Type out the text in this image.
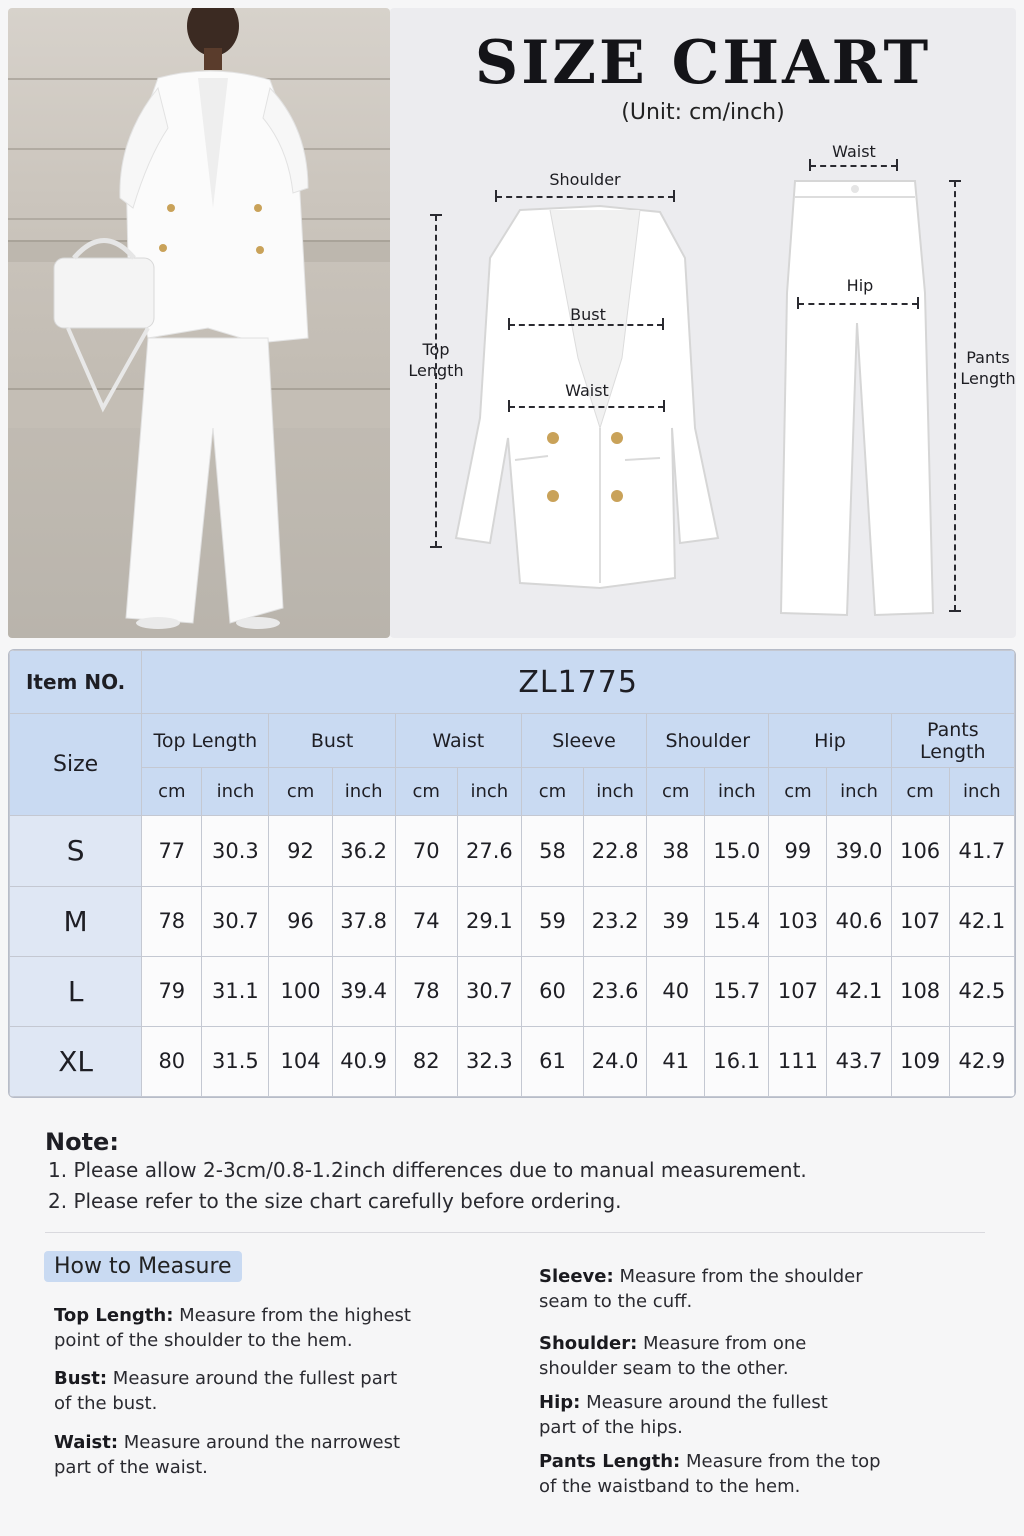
SIZE CHART
(Unit: cm/inch)
Shoulder
Bust
Waist
Top
Length
Waist
Hip
Pants
Length
Item NO.	ZL1775													
Size	Top Length		Bust		Waist		Sleeve		Shoulder		Hip		Pants Length	
	cm	inch	cm	inch	cm	inch	cm	inch	cm	inch	cm	inch	cm	inch
S	77	30.3	92	36.2	70	27.6	58	22.8	38	15.0	99	39.0	106	41.7
M	78	30.7	96	37.8	74	29.1	59	23.2	39	15.4	103	40.6	107	42.1
L	79	31.1	100	39.4	78	30.7	60	23.6	40	15.7	107	42.1	108	42.5
XL	80	31.5	104	40.9	82	32.3	61	24.0	41	16.1	111	43.7	109	42.9
Note:
1. Please allow 2-3cm/0.8-1.2inch differences due to manual measurement.
2. Please refer to the size chart carefully before ordering.
How to Measure
Top Length: Measure from the highest point of the shoulder to the hem.
Bust: Measure around the fullest part of the bust.
Waist: Measure around the narrowest part of the waist.
Sleeve: Measure from the shoulder seam to the cuff.
Shoulder: Measure from one shoulder seam to the other.
Hip: Measure around the fullest part of the hips.
Pants Length: Measure from the top of the waistband to the hem.
